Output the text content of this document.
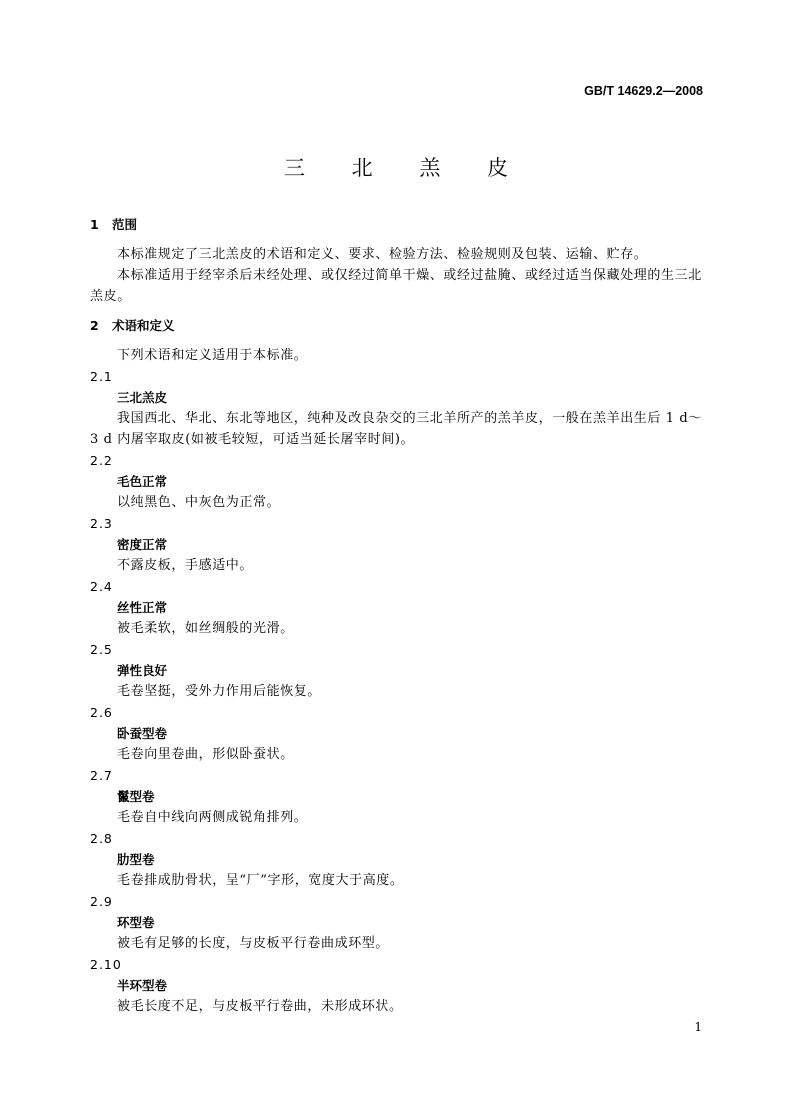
GB/T 14629.2—2008
三 北 羔 皮
1 范围
本标准规定了三北羔皮的术语和定义、要求、检验方法、检验规则及包装、运输、贮存。
本标准适用于经宰杀后未经处理、或仅经过简单干燥、或经过盐腌、或经过适当保藏处理的生三北羔皮。
2 术语和定义
下列术语和定义适用于本标准。
2.1
三北羔皮
我国西北、华北、东北等地区，纯种及改良杂交的三北羊所产的羔羊皮，一般在羔羊出生后 1 d～3 d 内屠宰取皮(如被毛较短，可适当延长屠宰时间)。
2.2
毛色正常
以纯黑色、中灰色为正常。
2.3
密度正常
不露皮板，手感适中。
2.4
丝性正常
被毛柔软，如丝绸般的光滑。
2.5
弹性良好
毛卷坚挺，受外力作用后能恢复。
2.6
卧蚕型卷
毛卷向里卷曲，形似卧蚕状。
2.7
鬣型卷
毛卷自中线向两侧成锐角排列。
2.8
肋型卷
毛卷排成肋骨状，呈“厂”字形，宽度大于高度。
2.9
环型卷
被毛有足够的长度，与皮板平行卷曲成环型。
2.10
半环型卷
被毛长度不足，与皮板平行卷曲，未形成环状。
1
